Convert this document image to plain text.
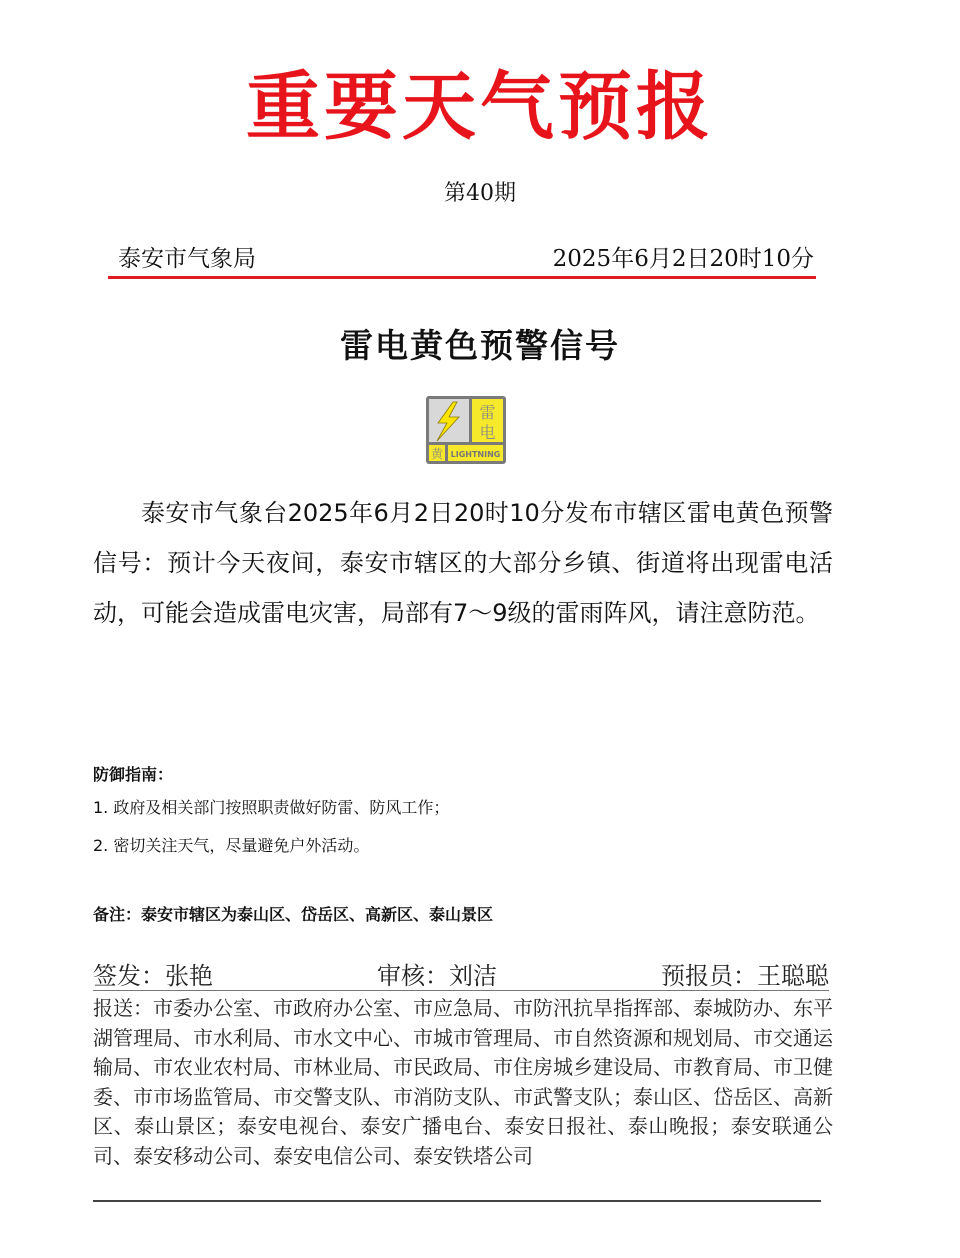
重要天气预报
第40期
泰安市气象局	2025年6月2日20时10分
雷电黄色预警信号
雷
电
黄 LIGHTNING
泰安市气象台2025年6月2日20时10分发布市辖区雷电黄色预警信号：预计今天夜间，泰安市辖区的大部分乡镇、街道将出现雷电活动，可能会造成雷电灾害，局部有7～9级的雷雨阵风，请注意防范。
防御指南：
1. 政府及相关部门按照职责做好防雷、防风工作；
2. 密切关注天气，尽量避免户外活动。
备注：泰安市辖区为泰山区、岱岳区、高新区、泰山景区
签发：张艳	审核：刘洁	预报员：王聪聪
报送：市委办公室、市政府办公室、市应急局、市防汛抗旱指挥部、泰城防办、东平湖管理局、市水利局、市水文中心、市城市管理局、市自然资源和规划局、市交通运输局、市农业农村局、市林业局、市民政局、市住房城乡建设局、市教育局、市卫健委、市市场监管局、市交警支队、市消防支队、市武警支队；泰山区、岱岳区、高新区、泰山景区；泰安电视台、泰安广播电台、泰安日报社、泰山晚报；泰安联通公司、泰安移动公司、泰安电信公司、泰安铁塔公司
